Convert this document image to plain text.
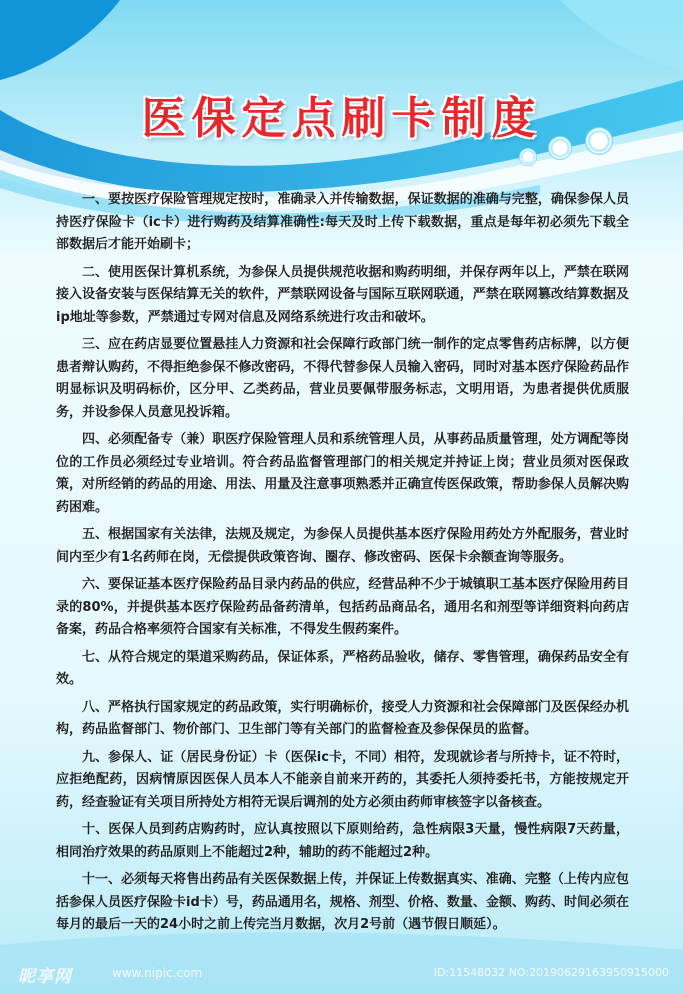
医保定点刷卡制度

一、要按医疗保险管理规定按时，准确录入并传输数据，保证数据的准确与完整，确保参保人员持医疗保险卡（ic卡）进行购药及结算准确性:每天及时上传下载数据，重点是每年初必须先下载全部数据后才能开始刷卡；

二、使用医保计算机系统，为参保人员提供规范收据和购药明细，并保存两年以上，严禁在联网接入设备安装与医保结算无关的软件，严禁联网设备与国际互联网联通，严禁在联网篡改结算数据及ip地址等参数，严禁通过专网对信息及网络系统进行攻击和破坏。

三、应在药店显要位置悬挂人力资源和社会保障行政部门统一制作的定点零售药店标牌，以方便患者辩认购药，不得拒绝参保不修改密码，不得代替参保人员输入密码，同时对基本医疗保险药品作明显标识及明码标价，区分甲、乙类药品，营业员要佩带服务标志，文明用语，为患者提供优质服务，并设参保人员意见投诉箱。

四、必须配备专（兼）职医疗保险管理人员和系统管理人员，从事药品质量管理，处方调配等岗位的工作员必须经过专业培训。符合药品监督管理部门的相关规定并持证上岗；营业员须对医保政策，对所经销的药品的用途、用法、用量及注意事项熟悉并正确宣传医保政策，帮助参保人员解决购药困难。

五、根据国家有关法律，法规及规定，为参保人员提供基本医疗保险用药处方外配服务，营业时间内至少有1名药师在岗，无偿提供政策咨询、圈存、修改密码、医保卡余额查询等服务。

六、要保证基本医疗保险药品目录内药品的供应，经营品种不少于城镇职工基本医疗保险用药目录的80%，并提供基本医疗保险药品备药清单，包括药品商品名，通用名和剂型等详细资料向药店备案，药品合格率须符合国家有关标准，不得发生假药案件。

七、从符合规定的渠道采购药品，保证体系，严格药品验收，储存、零售管理，确保药品安全有效。

八、严格执行国家规定的药品政策，实行明确标价，接受人力资源和社会保障部门及医保经办机构，药品监督部门、物价部门、卫生部门等有关部门的监督检查及参保保员的监督。

九、参保人、证（居民身份证）卡（医保ic卡，不同）相符，发现就诊者与所持卡，证不符时，应拒绝配药，因病情原因医保人员本人不能亲自前来开药的，其委托人须持委托书，方能按规定开药，经查验证有关项目所持处方相符无误后调剂的处方必须由药师审核签字以备核查。

十、医保人员到药店购药时，应认真按照以下原则给药，急性病限3天量，慢性病限7天药量，相同治疗效果的药品原则上不能超过2种，辅助的药不能超过2种。

十一、必须每天将售出药品有关医保数据上传，并保证上传数据真实、准确、完整（上传内应包括参保人员医疗保险卡id卡）号，药品通用名，规格、剂型、价格、数量、金额、购药、时间必须在每月的最后一天的24小时之前上传完当月数据，次月2号前（遇节假日顺延）。

昵享网	www.nipic.com	ID:11548032 NO:20190629163950915000
